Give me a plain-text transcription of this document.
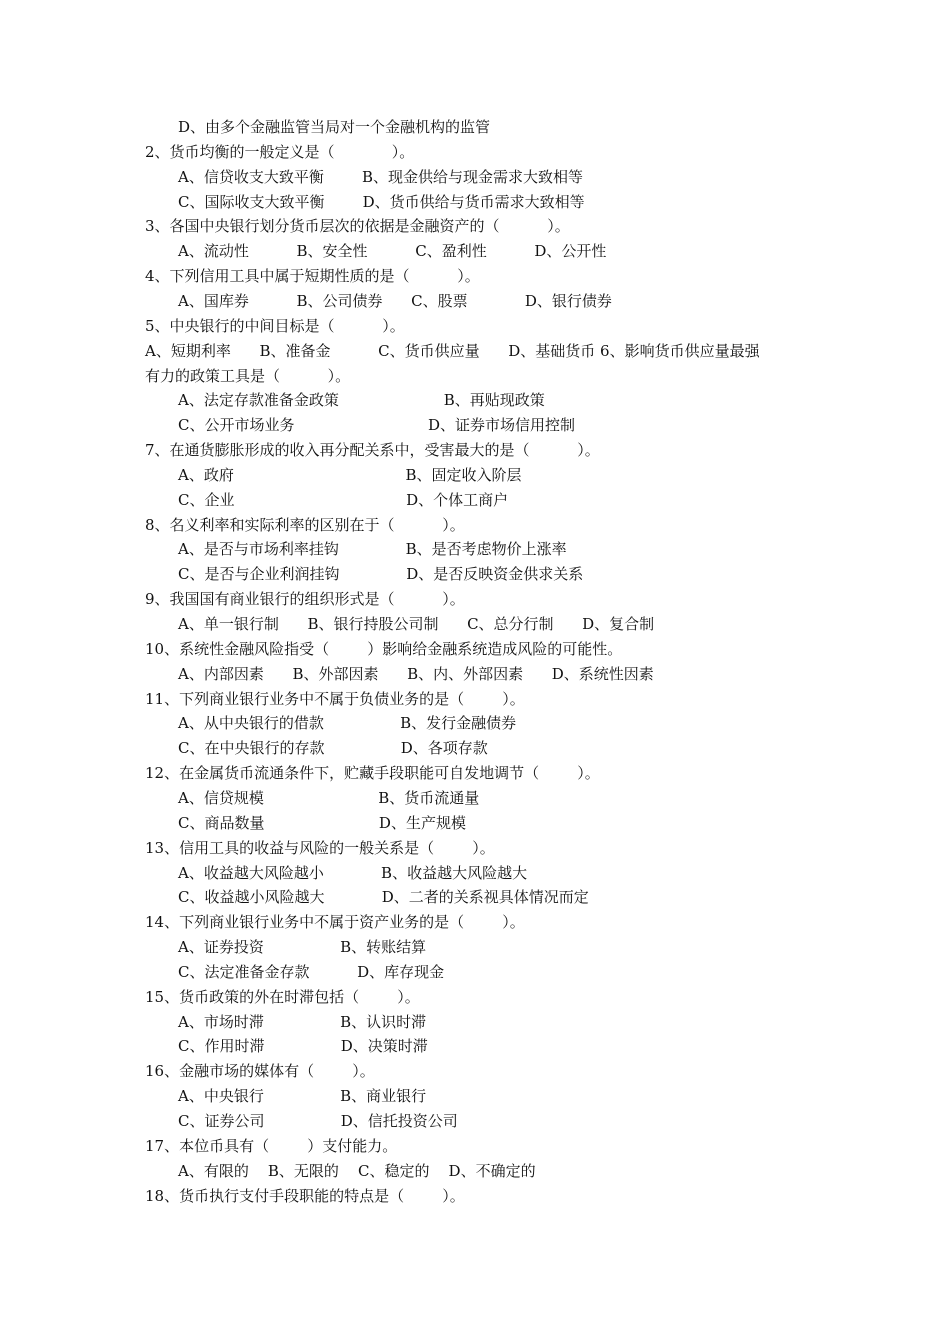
D、由多个金融监管当局对一个金融机构的监管
2、货币均衡的一般定义是（            ）。
A、信贷收支大致平衡        B、现金供给与现金需求大致相等
C、国际收支大致平衡        D、货币供给与货币需求大致相等
3、各国中央银行划分货币层次的依据是金融资产的（          ）。
A、流动性          B、安全性          C、盈利性          D、公开性
4、下列信用工具中属于短期性质的是（          ）。
A、国库券          B、公司债券      C、股票            D、银行债券
5、中央银行的中间目标是（          ）。
A、短期利率      B、准备金          C、货币供应量      D、基础货币 6、影响货币供应量最强
有力的政策工具是（          ）。
A、法定存款准备金政策                      B、再贴现政策
C、公开市场业务                            D、证券市场信用控制
7、在通货膨胀形成的收入再分配关系中，受害最大的是（          ）。
A、政府                                    B、固定收入阶层
C、企业                                    D、个体工商户
8、名义利率和实际利率的区别在于（          ）。
A、是否与市场利率挂钩              B、是否考虑物价上涨率
C、是否与企业利润挂钩              D、是否反映资金供求关系
9、我国国有商业银行的组织形式是（          ）。
A、单一银行制      B、银行持股公司制      C、总分行制      D、复合制
10、系统性金融风险指受（        ）影响给金融系统造成风险的可能性。
A、内部因素      B、外部因素      B、内、外部因素      D、系统性因素
11、下列商业银行业务中不属于负债业务的是（        ）。
A、从中央银行的借款                B、发行金融债券
C、在中央银行的存款                D、各项存款
12、在金属货币流通条件下，贮藏手段职能可自发地调节（        ）。
A、信贷规模                        B、货币流通量
C、商品数量                        D、生产规模
13、信用工具的收益与风险的一般关系是（        ）。
A、收益越大风险越小            B、收益越大风险越大
C、收益越小风险越大            D、二者的关系视具体情况而定
14、下列商业银行业务中不属于资产业务的是（        ）。
A、证券投资                B、转账结算
C、法定准备金存款          D、库存现金
15、货币政策的外在时滞包括（        ）。
A、市场时滞                B、认识时滞
C、作用时滞                D、决策时滞
16、金融市场的媒体有（        ）。
A、中央银行                B、商业银行
C、证券公司                D、信托投资公司
17、本位币具有（        ）支付能力。
A、有限的    B、无限的    C、稳定的    D、不确定的
18、货币执行支付手段职能的特点是（        ）。
